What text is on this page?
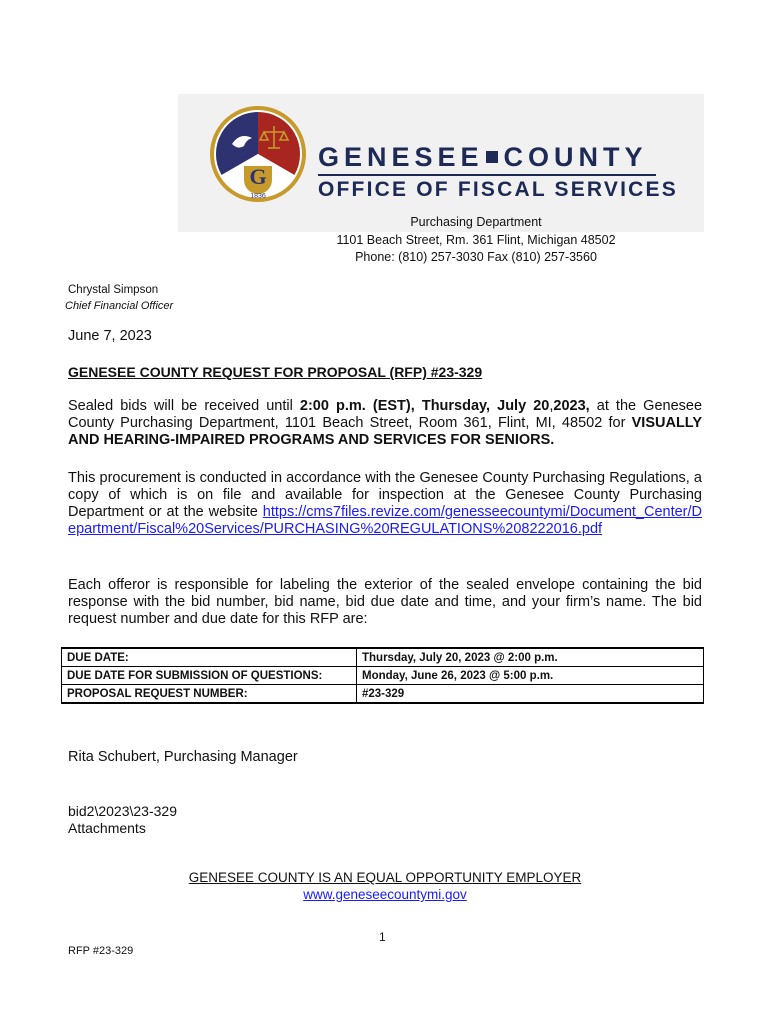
G
1836
GENESEE COUNTY
OFFICE OF FISCAL SERVICES
Purchasing Department
1101 Beach Street, Rm. 361 Flint, Michigan 48502
Phone: (810) 257-3030 Fax (810) 257-3560
Chrystal Simpson
Chief Financial Officer
June 7, 2023
GENESEE COUNTY REQUEST FOR PROPOSAL (RFP) #23-329
Sealed bids will be received until 2:00 p.m. (EST), Thursday, July 20,2023, at the Genesee County Purchasing Department, 1101 Beach Street, Room 361, Flint, MI, 48502 for VISUALLY AND HEARING-IMPAIRED PROGRAMS AND SERVICES FOR SENIORS.
This procurement is conducted in accordance with the Genesee County Purchasing Regulations, a copy of which is on file and available for inspection at the Genesee County Purchasing Department or at the website https://cms7files.revize.com/genesseecountymi/Document_Center/Department/Fiscal%20Services/PURCHASING%20REGULATIONS%208222016.pdf
Each offeror is responsible for labeling the exterior of the sealed envelope containing the bid response with the bid number, bid name, bid due date and time, and your firm’s name. The bid request number and due date for this RFP are:
DUE DATE:	Thursday, July 20, 2023 @ 2:00 p.m.
DUE DATE FOR SUBMISSION OF QUESTIONS:	Monday, June 26, 2023 @ 5:00 p.m.
PROPOSAL REQUEST NUMBER:	#23-329
Rita Schubert, Purchasing Manager
bid2\2023\23-329
Attachments
GENESEE COUNTY IS AN EQUAL OPPORTUNITY EMPLOYER
www.geneseecountymi.gov
1
RFP #23-329
